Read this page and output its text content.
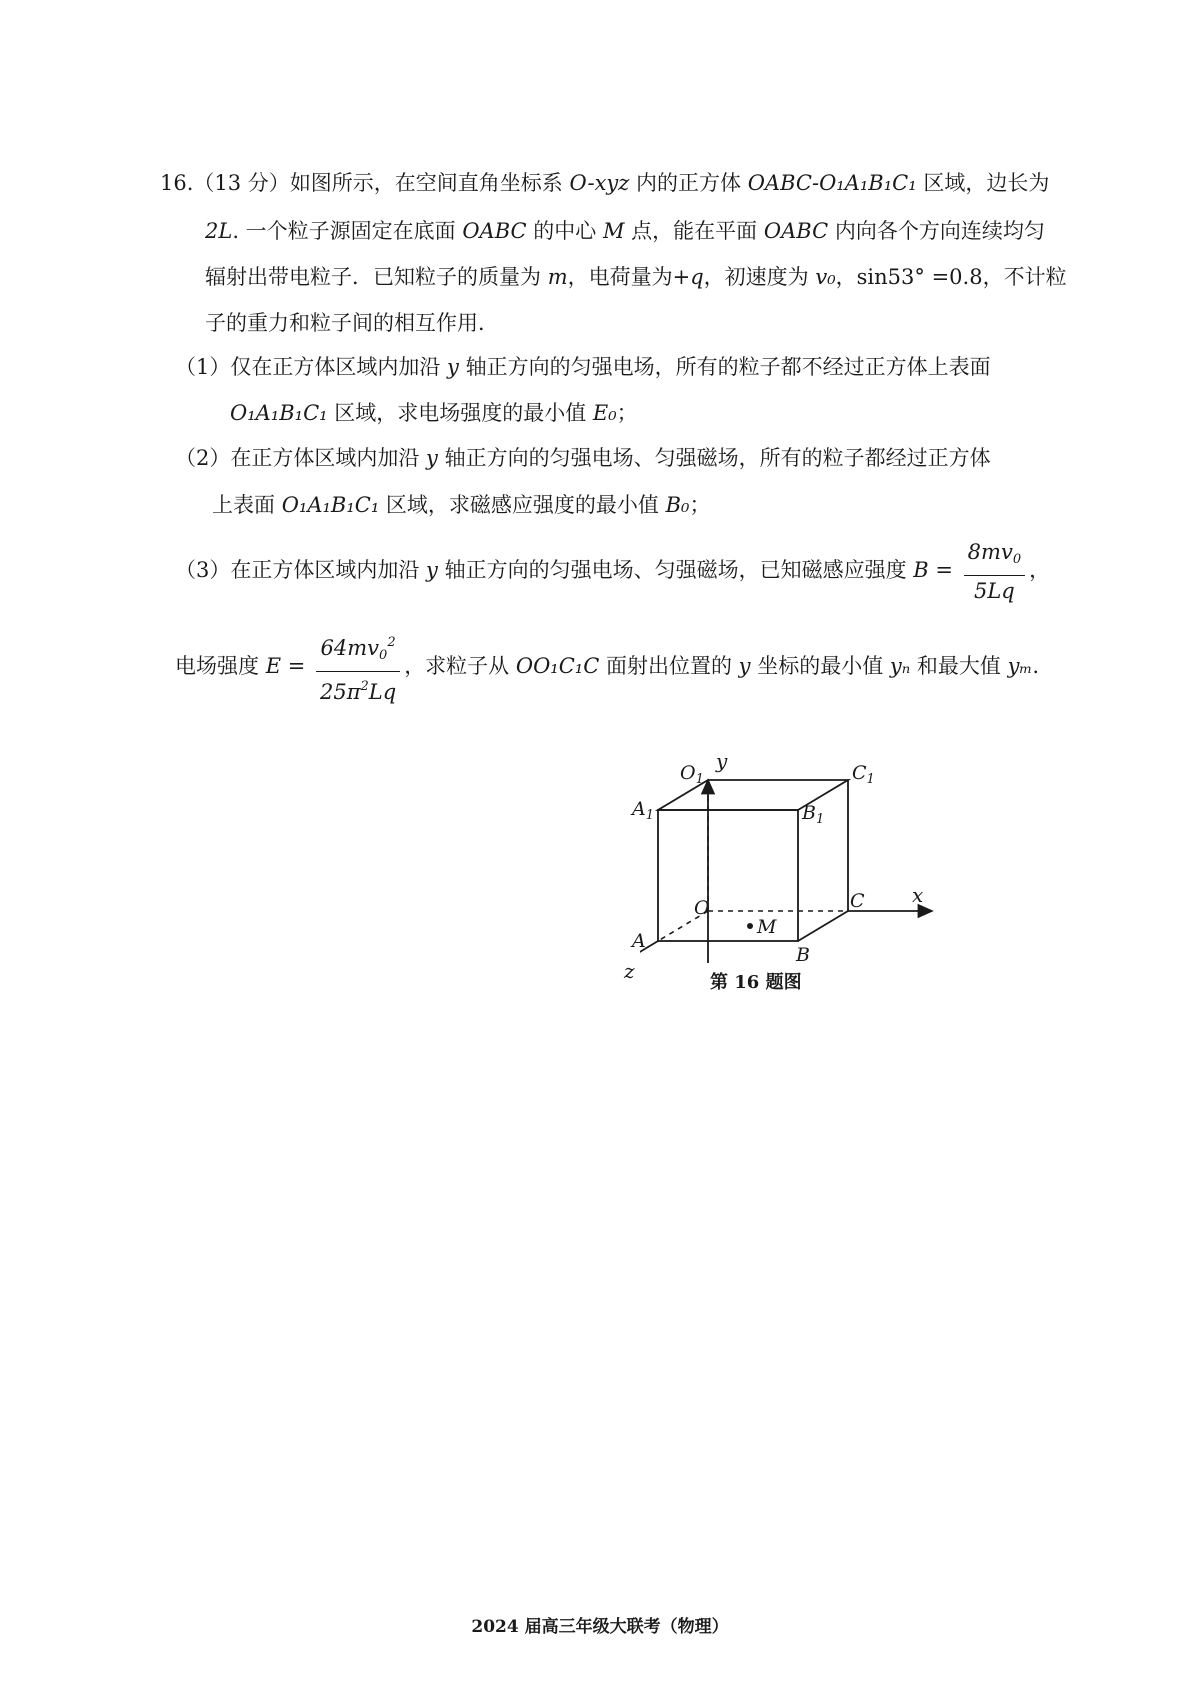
16.（13 分）如图所示，在空间直角坐标系 O-xyz 内的正方体 OABC-O₁A₁B₁C₁ 区域，边长为
2L. 一个粒子源固定在底面 OABC 的中心 M 点，能在平面 OABC 内向各个方向连续均匀
辐射出带电粒子．已知粒子的质量为 m，电荷量为+q，初速度为 v₀，sin53° =0.8，不计粒
子的重力和粒子间的相互作用．
（1）仅在正方体区域内加沿 y 轴正方向的匀强电场，所有的粒子都不经过正方体上表面
O₁A₁B₁C₁ 区域，求电场强度的最小值 E₀；
（2）在正方体区域内加沿 y 轴正方向的匀强电场、匀强磁场，所有的粒子都经过正方体
上表面 O₁A₁B₁C₁ 区域，求磁感应强度的最小值 B₀；
（3）在正方体区域内加沿 y 轴正方向的匀强电场、匀强磁场，已知磁感应强度 $B = \frac{8mv_0}{5Lq}$ ，
电场强度 $E = \frac{64mv_0^2}{25\pi^2Lq}$ ，求粒子从 OO₁C₁C 面射出位置的 y 坐标的最小值 yₙ 和最大值 yₘ.
y
x
z
$O_1$	$C_1$
$A_1$	$B_1$
O	C
A
B
M
第 16 题图
2024 届高三年级大联考（物理）
